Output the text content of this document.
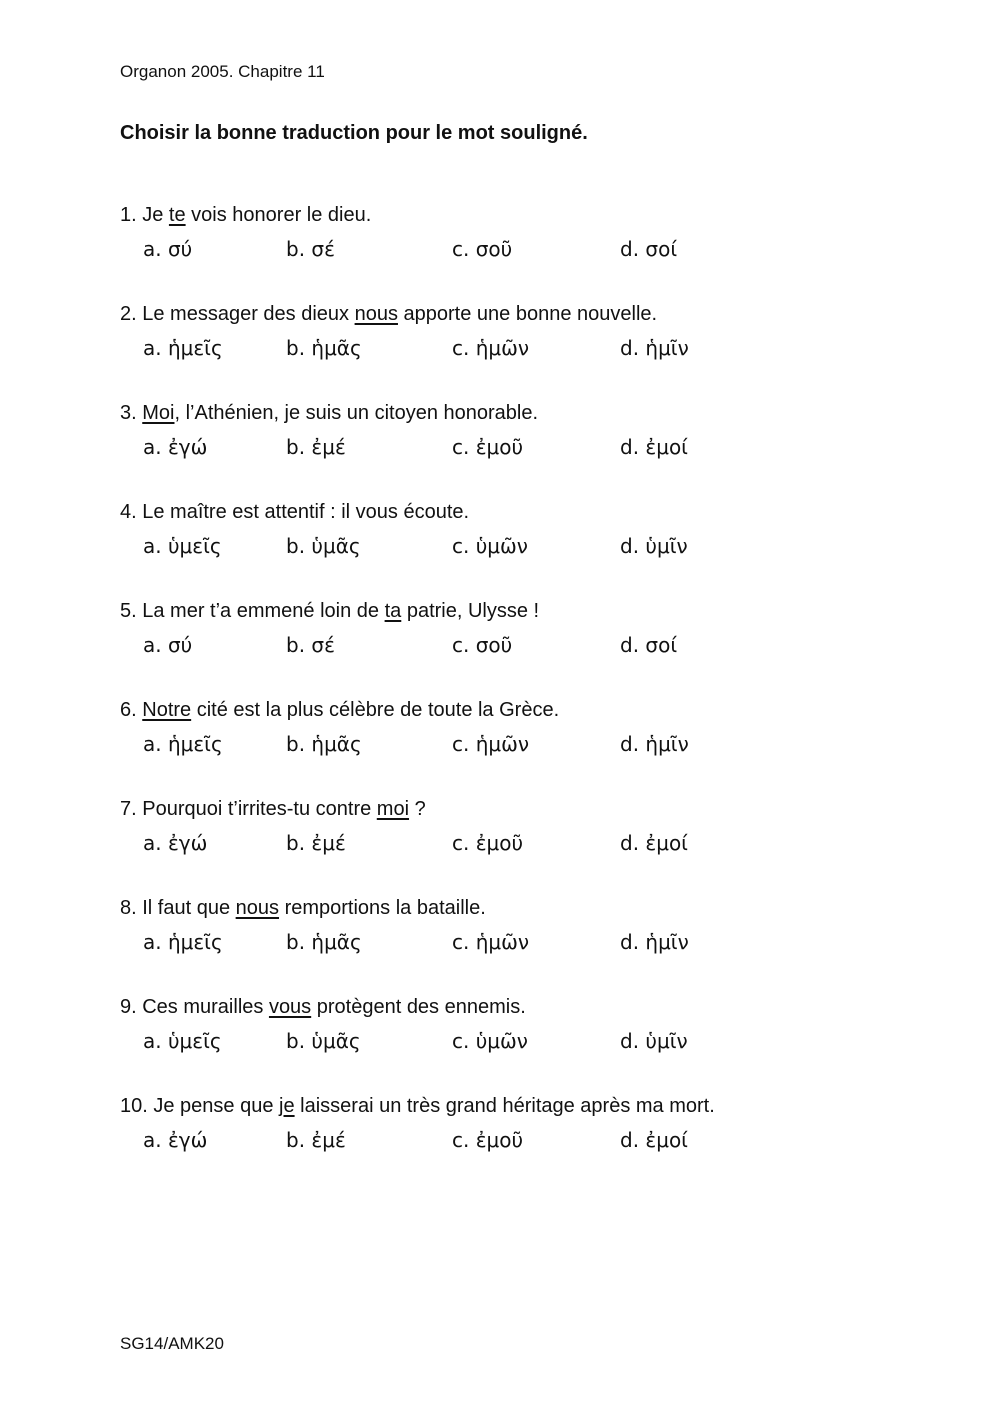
Organon 2005. Chapitre 11
Choisir la bonne traduction pour le mot souligné.
1. Je te vois honorer le dieu.
a. σύ	b. σέ	c. σοῦ	d. σοί
2. Le messager des dieux nous apporte une bonne nouvelle.
a. ἡμεῖς	b. ἡμᾶς	c. ἡμῶν	d. ἡμῖν
3. Moi, l’Athénien, je suis un citoyen honorable.
a. ἐγώ	b. ἐμέ	c. ἐμοῦ	d. ἐμοί
4. Le maître est attentif : il vous écoute.
a. ὑμεῖς	b. ὑμᾶς	c. ὑμῶν	d. ὑμῖν
5. La mer t’a emmené loin de ta patrie, Ulysse !
a. σύ	b. σέ	c. σοῦ	d. σοί
6. Notre cité est la plus célèbre de toute la Grèce.
a. ἡμεῖς	b. ἡμᾶς	c. ἡμῶν	d. ἡμῖν
7. Pourquoi t’irrites-tu contre moi ?
a. ἐγώ	b. ἐμέ	c. ἐμοῦ	d. ἐμοί
8. Il faut que nous remportions la bataille.
a. ἡμεῖς	b. ἡμᾶς	c. ἡμῶν	d. ἡμῖν
9. Ces murailles vous protègent des ennemis.
a. ὑμεῖς	b. ὑμᾶς	c. ὑμῶν	d. ὑμῖν
10. Je pense que je laisserai un très grand héritage après ma mort.
a. ἐγώ	b. ἐμέ	c. ἐμοῦ	d. ἐμοί
SG14/AMK20
